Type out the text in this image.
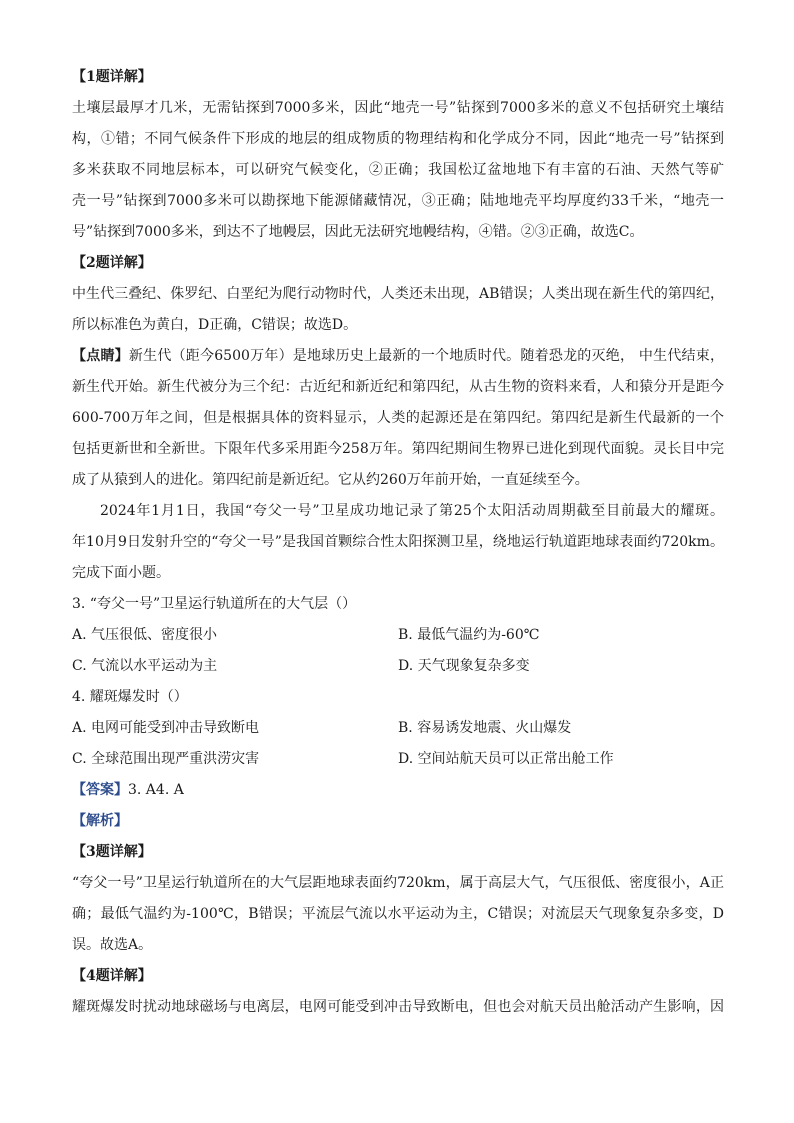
【1题详解】
土壤层最厚才几米，无需钻探到7000多米，因此“地壳一号”钻探到7000多米的意义不包括研究土壤结
构，①错；不同气候条件下形成的地层的组成物质的物理结构和化学成分不同，因此“地壳一号”钻探到
多米获取不同地层标本，可以研究气候变化，②正确；我国松辽盆地地下有丰富的石油、天然气等矿
壳一号”钻探到7000多米可以勘探地下能源储藏情况，③正确；陆地地壳平均厚度约33千米，“地壳一
号”钻探到7000多米，到达不了地幔层，因此无法研究地幔结构，④错。②③正确，故选C。
【2题详解】
中生代三叠纪、侏罗纪、白垩纪为爬行动物时代，人类还未出现，AB错误；人类出现在新生代的第四纪，
所以标准色为黄白，D正确，C错误；故选D。
【点睛】新生代（距今6500万年）是地球历史上最新的一个地质时代。随着恐龙的灭绝， 中生代结束，
新生代开始。新生代被分为三个纪：古近纪和新近纪和第四纪，从古生物的资料来看，人和猿分开是距今
600-700万年之间，但是根据具体的资料显示，人类的起源还是在第四纪。第四纪是新生代最新的一个
包括更新世和全新世。下限年代多采用距今258万年。第四纪期间生物界已进化到现代面貌。灵长目中完
成了从猿到人的进化。第四纪前是新近纪。它从约260万年前开始，一直延续至今。
2024年1月1日，我国“夸父一号”卫星成功地记录了第25个太阳活动周期截至目前最大的耀斑。
年10月9日发射升空的“夸父一号”是我国首颗综合性太阳探测卫星，绕地运行轨道距地球表面约720km。
完成下面小题。
3. “夸父一号”卫星运行轨道所在的大气层（）
A. 气压很低、密度很小	B. 最低气温约为-60℃
C. 气流以水平运动为主	D. 天气现象复杂多变
4. 耀斑爆发时（）
A. 电网可能受到冲击导致断电	B. 容易诱发地震、火山爆发
C. 全球范围出现严重洪涝灾害	D. 空间站航天员可以正常出舱工作
【答案】3. A4. A
【解析】
【3题详解】
“夸父一号”卫星运行轨道所在的大气层距地球表面约720km，属于高层大气，气压很低、密度很小，A正
确；最低气温约为-100℃，B错误；平流层气流以水平运动为主，C错误；对流层天气现象复杂多变，D
误。故选A。
【4题详解】
耀斑爆发时扰动地球磁场与电离层，电网可能受到冲击导致断电，但也会对航天员出舱活动产生影响，因
